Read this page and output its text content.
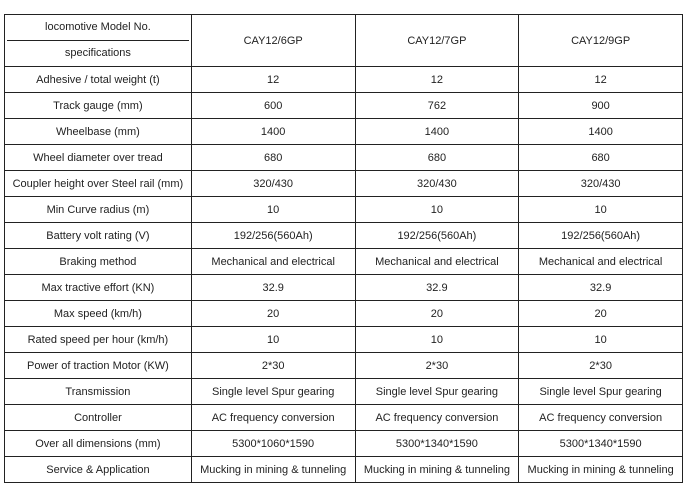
locomotive Model No.
specifications	CAY12/6GP	CAY12/7GP	CAY12/9GP
Adhesive / total weight (t)	12	12	12
Track gauge (mm)	600	762	900
Wheelbase (mm)	1400	1400	1400
Wheel diameter over tread	680	680	680
Coupler height over Steel rail (mm)	320/430	320/430	320/430
Min Curve radius (m)	10	10	10
Battery volt rating (V)	192/256(560Ah)	192/256(560Ah)	192/256(560Ah)
Braking method	Mechanical and electrical	Mechanical and electrical	Mechanical and electrical
Max tractive effort (KN)	32.9	32.9	32.9
Max speed (km/h)	20	20	20
Rated speed per hour (km/h)	10	10	10
Power of traction Motor (KW)	2*30	2*30	2*30
Transmission	Single level Spur gearing	Single level Spur gearing	Single level Spur gearing
Controller	AC frequency conversion	AC frequency conversion	AC frequency conversion
Over all dimensions (mm)	5300*1060*1590	5300*1340*1590	5300*1340*1590
Service & Application	Mucking in mining & tunneling	Mucking in mining & tunneling	Mucking in mining & tunneling
